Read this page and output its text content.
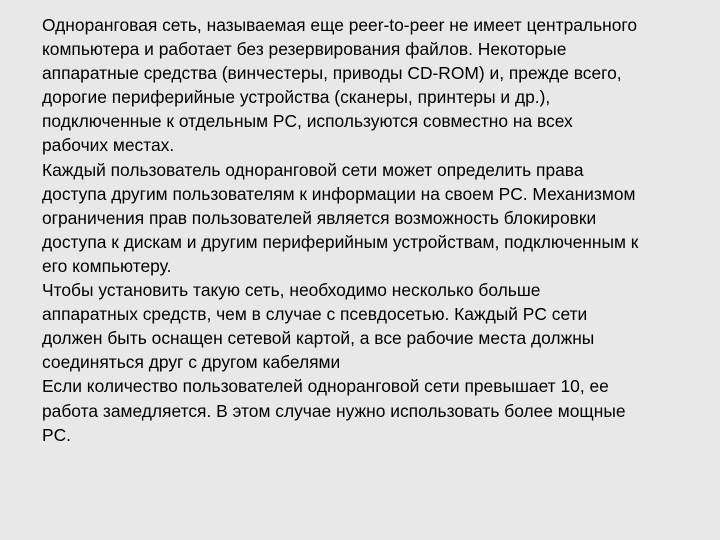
Одноранговая сеть, называемая еще peer-to-peer не имеет центрального
компьютера и работает без резервирования файлов. Некоторые
аппаратные средства (винчестеры, приводы CD-ROM) и, прежде всего,
дорогие периферийные устройства (сканеры, принтеры и др.),
подключенные к отдельным PC, используются совместно на всех
рабочих местах.
Каждый пользователь одноранговой сети может определить права
доступа другим пользователям к информации на своем PC. Механизмом
ограничения прав пользователей является возможность блокировки
доступа к дискам и другим периферийным устройствам, подключенным к
его компьютеру.
Чтобы установить такую сеть, необходимо несколько больше
аппаратных средств, чем в случае с псевдосетью. Каждый PC сети
должен быть оснащен сетевой картой, а все рабочие места должны
соединяться друг с другом кабелями
Если количество пользователей одноранговой сети превышает 10, ее
работа замедляется. В этом случае нужно использовать более мощные
PC.
